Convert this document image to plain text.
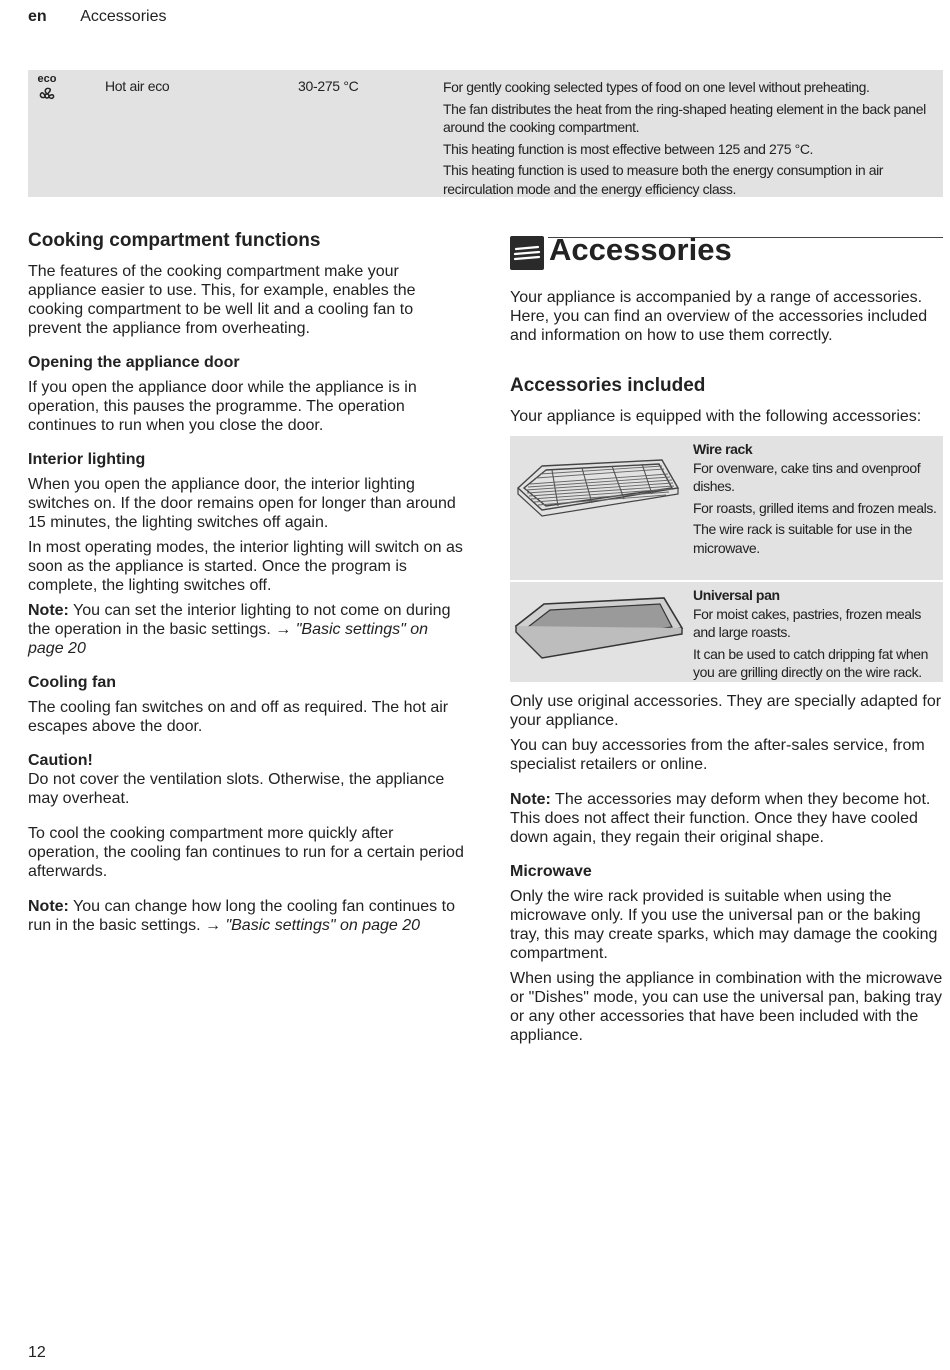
en Accessories
eco	Hot air eco	30-275 °C	For gently cooking selected types of food on one level without preheating.

The fan distributes the heat from the ring-shaped heating element in the back panel around the cooking compartment.

This heating function is most effective between 125 and 275 °C.

This heating function is used to measure both the energy consumption in air recirculation mode and the energy efficiency class.

Cooking compartment functions

The features of the cooking compartment make your appliance easier to use. This, for example, enables the cooking compartment to be well lit and a cooling fan to prevent the appliance from overheating.

Opening the appliance door

If you open the appliance door while the appliance is in operation, this pauses the programme. The operation continues to run when you close the door.

Interior lighting

When you open the appliance door, the interior lighting switches on. If the door remains open for longer than around 15 minutes, the lighting switches off again.

In most operating modes, the interior lighting will switch on as soon as the appliance is started. Once the program is complete, the lighting switches off.

Note: You can set the interior lighting to not come on during the operation in the basic settings. → "Basic settings" on page 20

Cooling fan

The cooling fan switches on and off as required. The hot air escapes above the door.

Caution!

Do not cover the ventilation slots. Otherwise, the appliance may overheat.

To cool the cooking compartment more quickly after operation, the cooling fan continues to run for a certain period afterwards.

Note: You can change how long the cooling fan continues to run in the basic settings. → "Basic settings" on page 20

Accessories

Your appliance is accompanied by a range of accessories. Here, you can find an overview of the accessories included and information on how to use them correctly.

Accessories included

Your appliance is equipped with the following accessories:

Wire rack

For ovenware, cake tins and ovenproof dishes.

For roasts, grilled items and frozen meals.

The wire rack is suitable for use in the microwave.

Universal pan

For moist cakes, pastries, frozen meals and large roasts.

It can be used to catch dripping fat when you are grilling directly on the wire rack.

Only use original accessories. They are specially adapted for your appliance.

You can buy accessories from the after-sales service, from specialist retailers or online.

Note: The accessories may deform when they become hot. This does not affect their function. Once they have cooled down again, they regain their original shape.

Microwave

Only the wire rack provided is suitable when using the microwave only. If you use the universal pan or the baking tray, this may create sparks, which may damage the cooking compartment.

When using the appliance in combination with the microwave or "Dishes" mode, you can use the universal pan, baking tray or any other accessories that have been included with the appliance.

12
